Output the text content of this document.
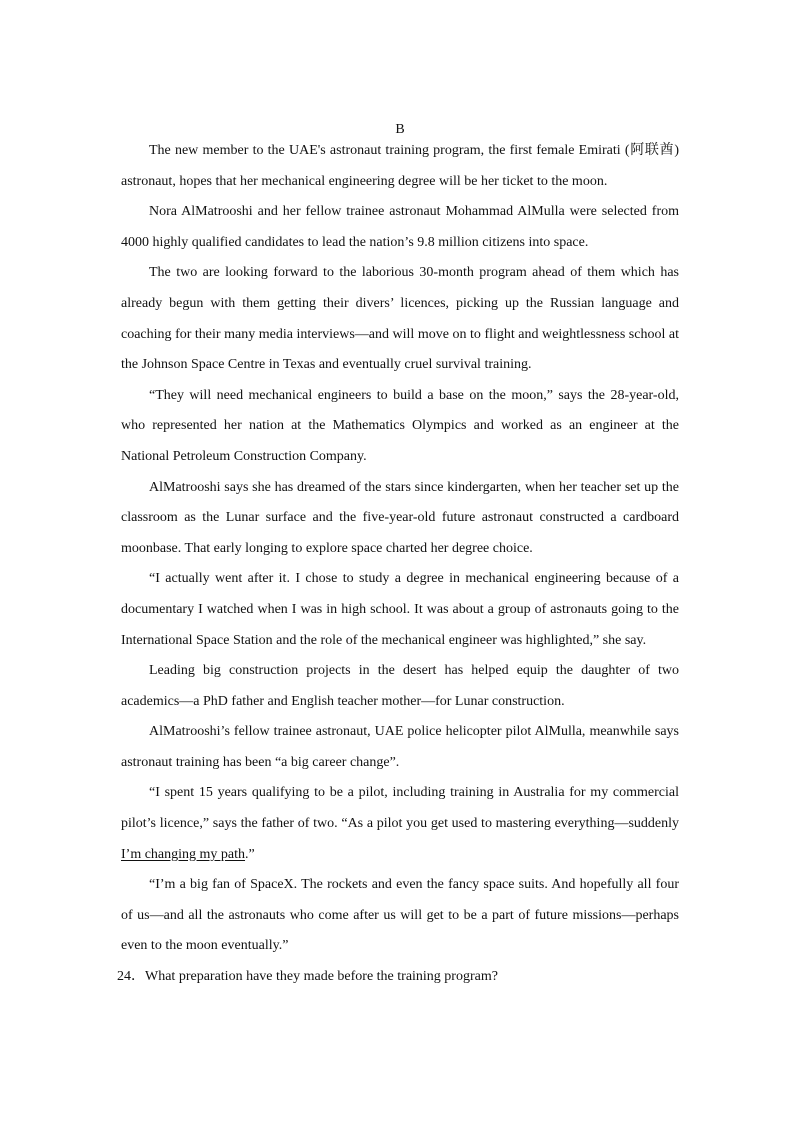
B

The new member to the UAE's astronaut training program, the first female Emirati (阿联酋) astronaut, hopes that her mechanical engineering degree will be her ticket to the moon.

Nora AlMatrooshi and her fellow trainee astronaut Mohammad AlMulla were selected from 4000 highly qualified candidates to lead the nation’s 9.8 million citizens into space.

The two are looking forward to the laborious 30-month program ahead of them which has already begun with them getting their divers’ licences, picking up the Russian language and coaching for their many media interviews—and will move on to flight and weightlessness school at the Johnson Space Centre in Texas and eventually cruel survival training.

“They will need mechanical engineers to build a base on the moon,” says the 28-year-old, who represented her nation at the Mathematics Olympics and worked as an engineer at the National Petroleum Construction Company.

AlMatrooshi says she has dreamed of the stars since kindergarten, when her teacher set up the classroom as the Lunar surface and the five-year-old future astronaut constructed a cardboard moonbase. That early longing to explore space charted her degree choice.

“I actually went after it. I chose to study a degree in mechanical engineering because of a documentary I watched when I was in high school. It was about a group of astronauts going to the International Space Station and the role of the mechanical engineer was highlighted,” she say.

Leading big construction projects in the desert has helped equip the daughter of two academics—a PhD father and English teacher mother—for Lunar construction.

AlMatrooshi’s fellow trainee astronaut, UAE police helicopter pilot AlMulla, meanwhile says astronaut training has been “a big career change”.

“I spent 15 years qualifying to be a pilot, including training in Australia for my commercial pilot’s licence,” says the father of two. “As a pilot you get used to mastering everything—suddenly I’m changing my path.”

“I’m a big fan of SpaceX. The rockets and even the fancy space suits. And hopefully all four of us—and all the astronauts who come after us will get to be a part of future missions—perhaps even to the moon eventually.”

24．What preparation have they made before the training program?
